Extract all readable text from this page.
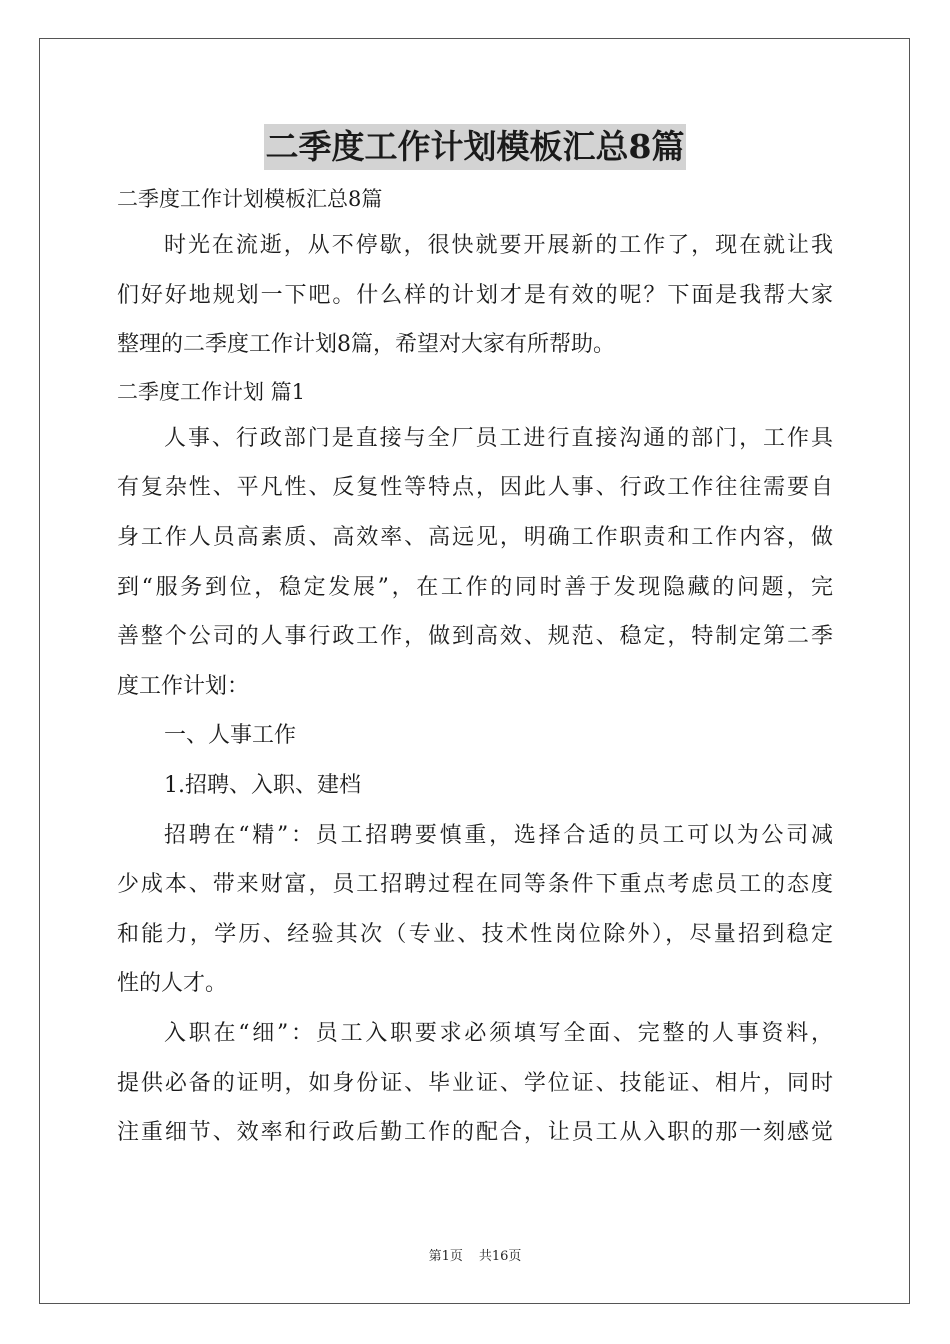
二季度工作计划模板汇总8篇
二季度工作计划模板汇总8篇
时光在流逝，从不停歇，很快就要开展新的工作了，现在就让我
们好好地规划一下吧。什么样的计划才是有效的呢？下面是我帮大家
整理的二季度工作计划8篇，希望对大家有所帮助。
二季度工作计划 篇1
人事、行政部门是直接与全厂员工进行直接沟通的部门，工作具
有复杂性、平凡性、反复性等特点，因此人事、行政工作往往需要自
身工作人员高素质、高效率、高远见，明确工作职责和工作内容，做
到“服务到位，稳定发展”，在工作的同时善于发现隐藏的问题，完
善整个公司的人事行政工作，做到高效、规范、稳定，特制定第二季
度工作计划：
一、人事工作
1.招聘、入职、建档
招聘在“精”：员工招聘要慎重，选择合适的员工可以为公司减
少成本、带来财富，员工招聘过程在同等条件下重点考虑员工的态度
和能力，学历、经验其次（专业、技术性岗位除外），尽量招到稳定
性的人才。
入职在“细”：员工入职要求必须填写全面、完整的人事资料，
提供必备的证明，如身份证、毕业证、学位证、技能证、相片，同时
注重细节、效率和行政后勤工作的配合，让员工从入职的那一刻感觉
第1页 共16页
